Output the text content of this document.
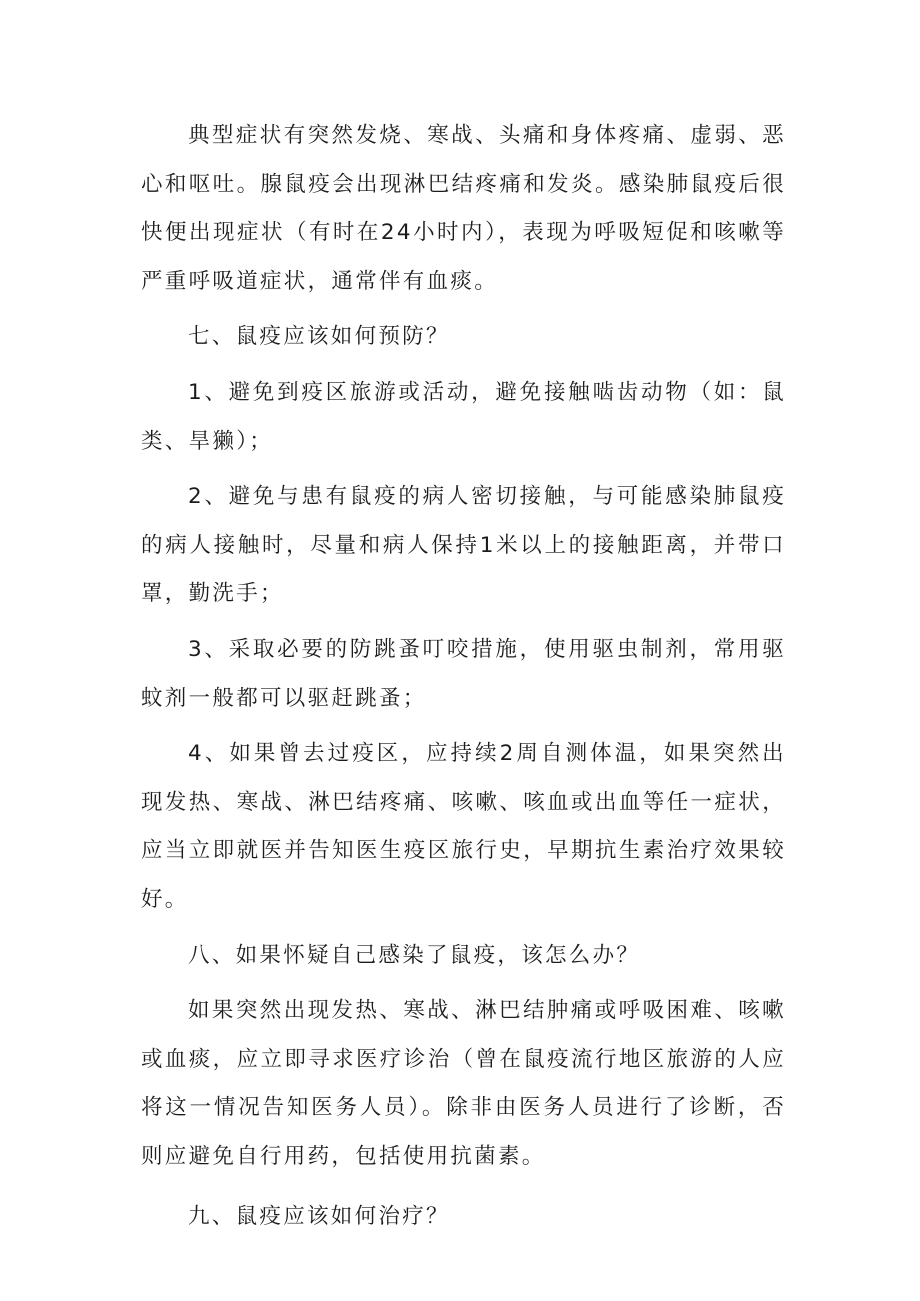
典型症状有突然发烧、寒战、头痛和身体疼痛、虚弱、恶心和呕吐。腺鼠疫会出现淋巴结疼痛和发炎。感染肺鼠疫后很快便出现症状（有时在24小时内），表现为呼吸短促和咳嗽等严重呼吸道症状，通常伴有血痰。

七、鼠疫应该如何预防？

1、避免到疫区旅游或活动，避免接触啮齿动物（如：鼠类、旱獭）；

2、避免与患有鼠疫的病人密切接触，与可能感染肺鼠疫的病人接触时，尽量和病人保持1米以上的接触距离，并带口罩，勤洗手；

3、采取必要的防跳蚤叮咬措施，使用驱虫制剂，常用驱蚊剂一般都可以驱赶跳蚤；

4、如果曾去过疫区，应持续2周自测体温，如果突然出现发热、寒战、淋巴结疼痛、咳嗽、咳血或出血等任一症状，应当立即就医并告知医生疫区旅行史，早期抗生素治疗效果较好。

八、如果怀疑自己感染了鼠疫，该怎么办？

如果突然出现发热、寒战、淋巴结肿痛或呼吸困难、咳嗽或血痰，应立即寻求医疗诊治（曾在鼠疫流行地区旅游的人应将这一情况告知医务人员）。除非由医务人员进行了诊断，否则应避免自行用药，包括使用抗菌素。

九、鼠疫应该如何治疗？
